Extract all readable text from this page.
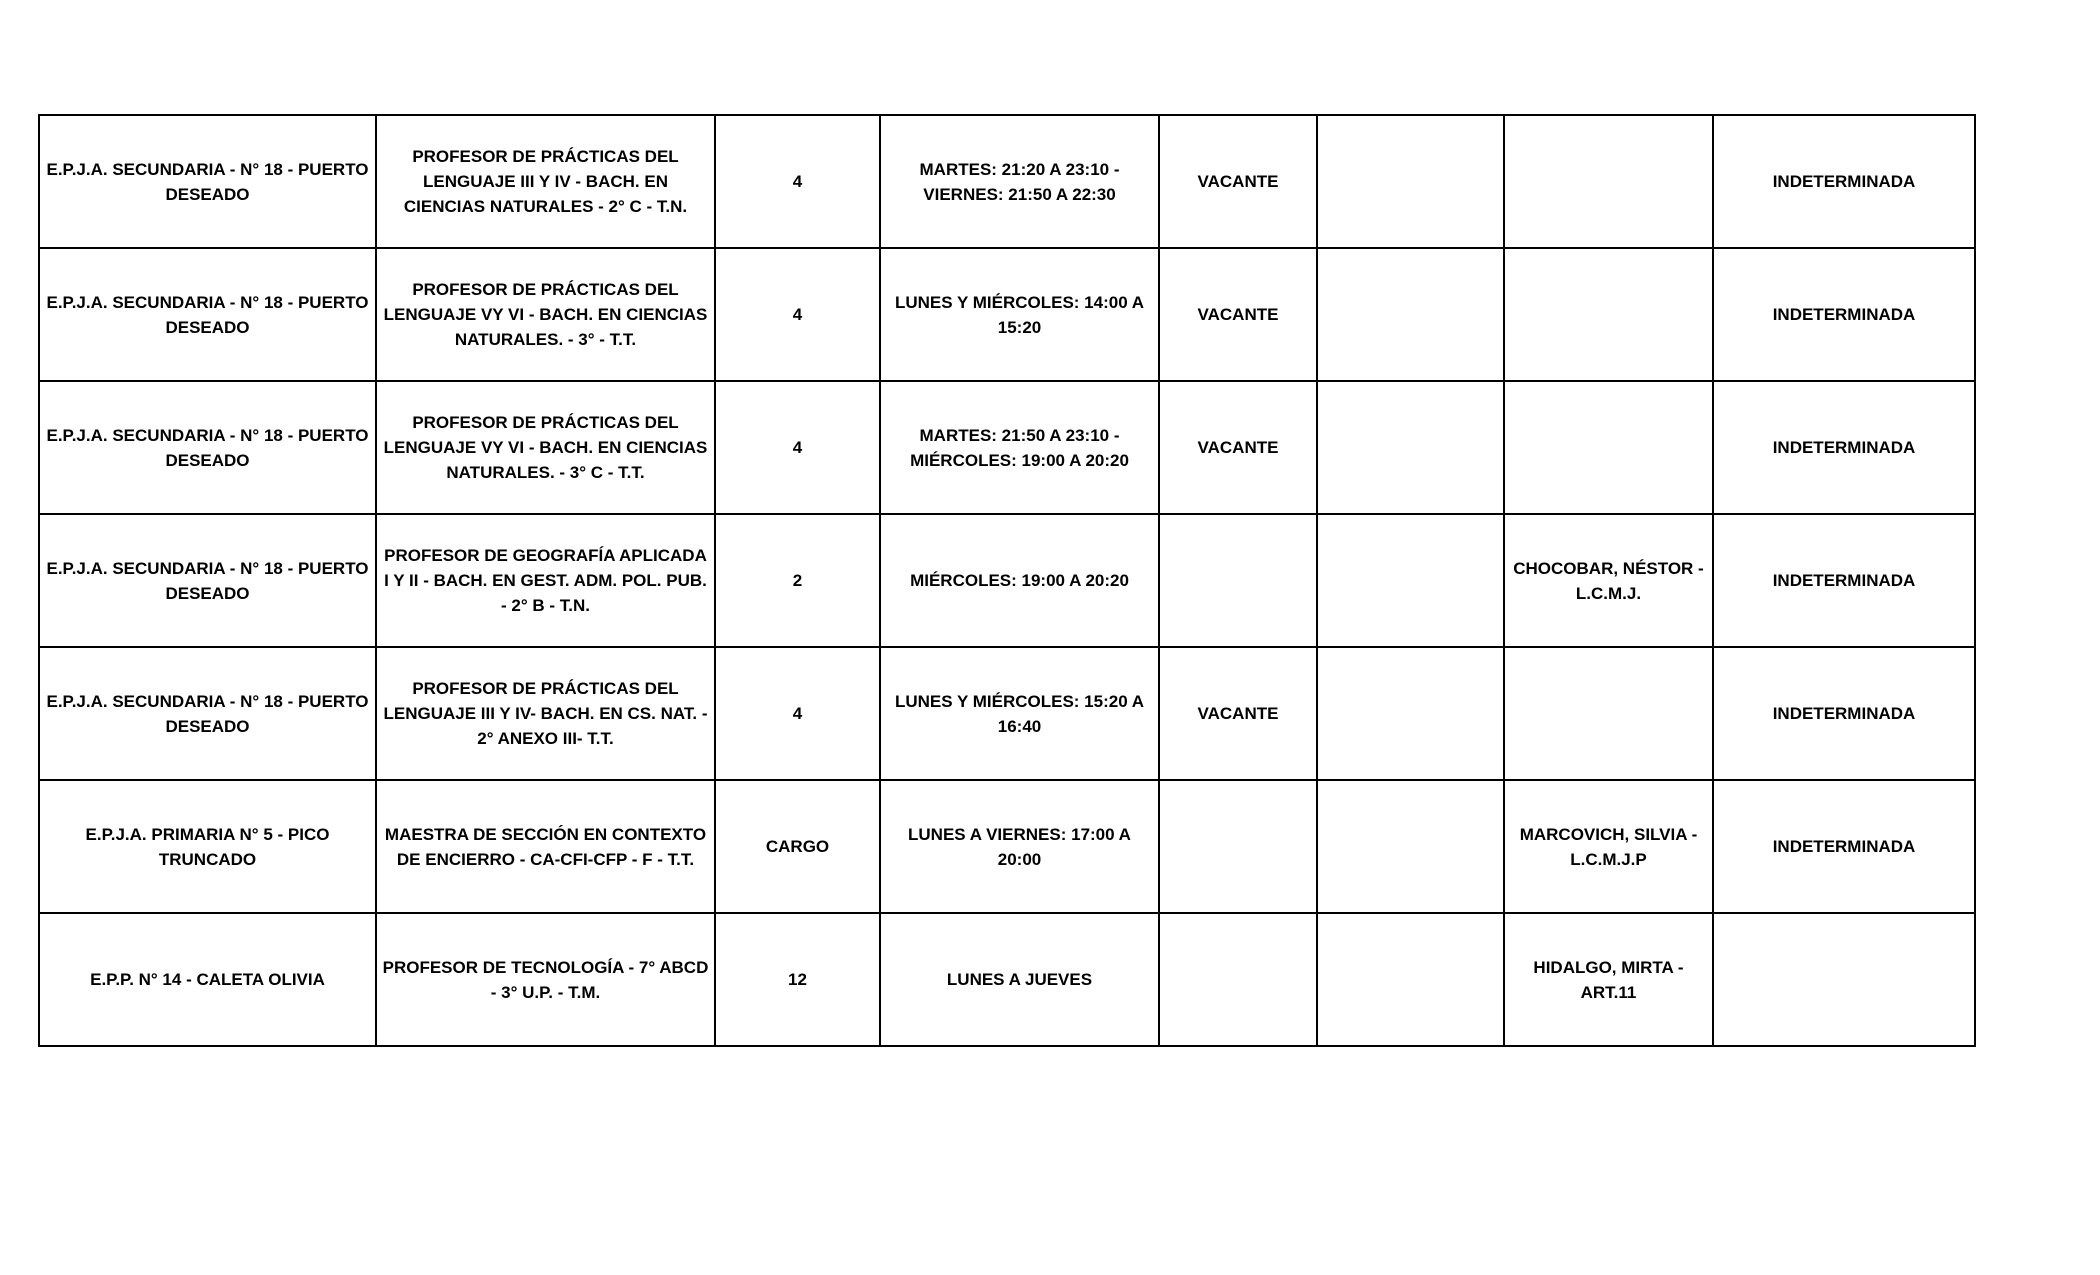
E.P.J.A. SECUNDARIA - N° 18 - PUERTO DESEADO	PROFESOR DE PRÁCTICAS DEL LENGUAJE III Y IV - BACH. EN CIENCIAS NATURALES - 2° C - T.N.	4	MARTES: 21:20 A 23:10 - VIERNES: 21:50 A 22:30	VACANTE			INDETERMINADA
E.P.J.A. SECUNDARIA - N° 18 - PUERTO DESEADO	PROFESOR DE PRÁCTICAS DEL LENGUAJE VY VI - BACH. EN CIENCIAS NATURALES. - 3° - T.T.	4	LUNES Y MIÉRCOLES: 14:00 A 15:20	VACANTE			INDETERMINADA
E.P.J.A. SECUNDARIA - N° 18 - PUERTO DESEADO	PROFESOR DE PRÁCTICAS DEL LENGUAJE VY VI - BACH. EN CIENCIAS NATURALES. - 3° C - T.T.	4	MARTES: 21:50 A 23:10 - MIÉRCOLES: 19:00 A 20:20	VACANTE			INDETERMINADA
E.P.J.A. SECUNDARIA - N° 18 - PUERTO DESEADO	PROFESOR DE GEOGRAFÍA APLICADA I Y II - BACH. EN GEST. ADM. POL. PUB. - 2° B - T.N.	2	MIÉRCOLES: 19:00 A 20:20			CHOCOBAR, NÉSTOR - L.C.M.J.	INDETERMINADA
E.P.J.A. SECUNDARIA - N° 18 - PUERTO DESEADO	PROFESOR DE PRÁCTICAS DEL LENGUAJE III Y IV- BACH. EN CS. NAT. - 2° ANEXO III- T.T.	4	LUNES Y MIÉRCOLES: 15:20 A 16:40	VACANTE			INDETERMINADA
E.P.J.A. PRIMARIA N° 5 - PICO TRUNCADO	MAESTRA DE SECCIÓN EN CONTEXTO DE ENCIERRO - CA-CFI-CFP - F - T.T.	CARGO	LUNES A VIERNES: 17:00 A 20:00			MARCOVICH, SILVIA - L.C.M.J.P	INDETERMINADA
E.P.P. N° 14 - CALETA OLIVIA	PROFESOR DE TECNOLOGÍA - 7° ABCD - 3° U.P. - T.M.	12	LUNES A JUEVES			HIDALGO, MIRTA - ART.11	
